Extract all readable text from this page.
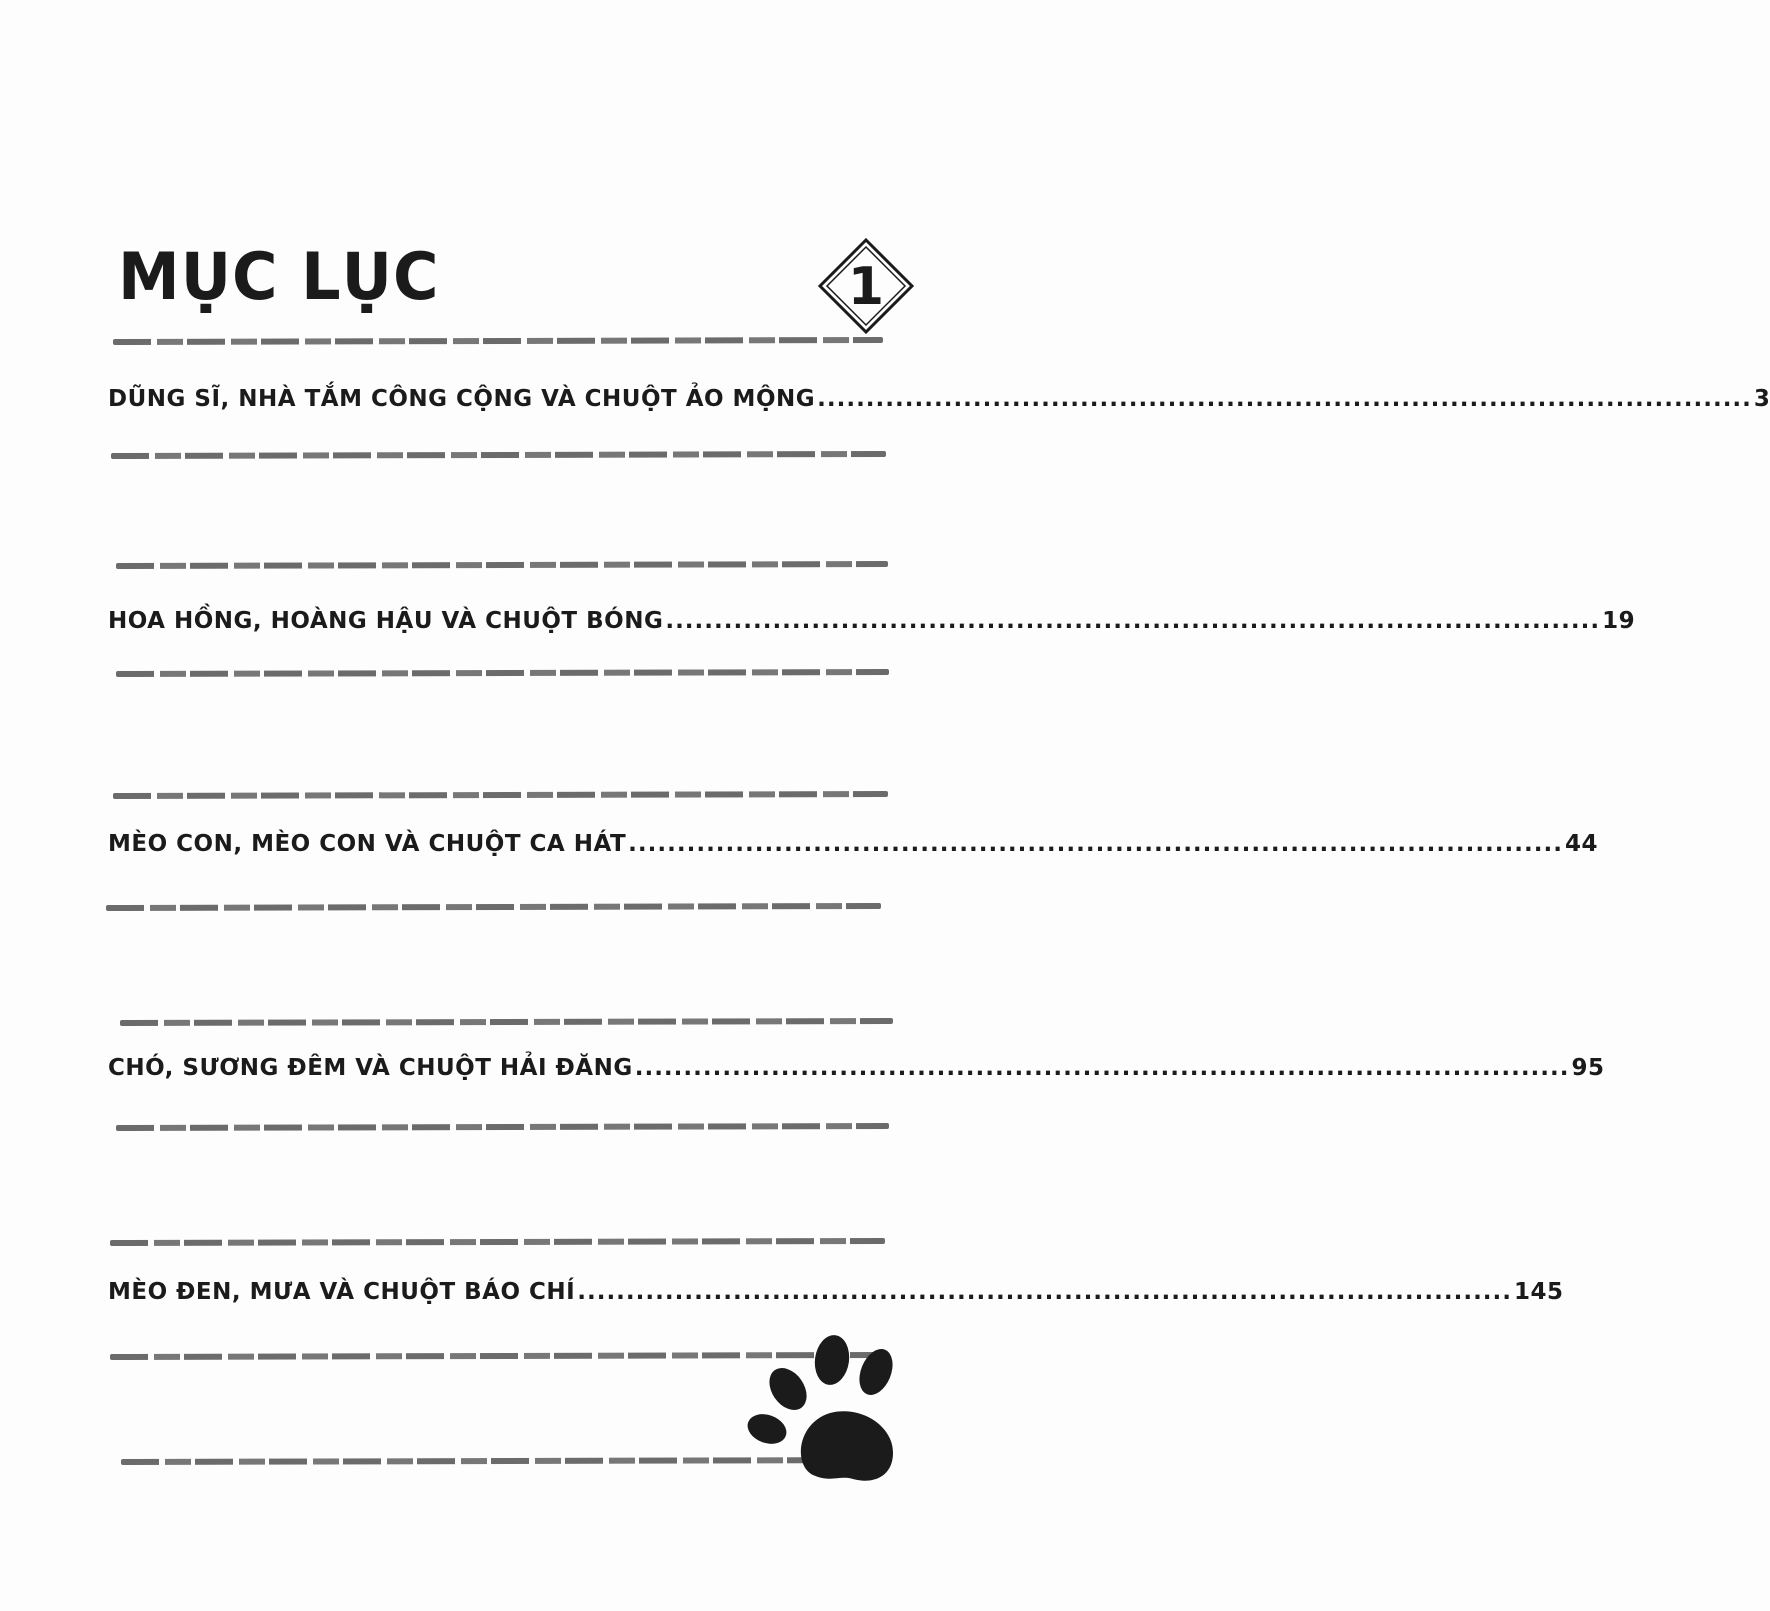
MỤC LỤC	1
DŨNG SĨ, NHÀ TẮM CÔNG CỘNG VÀ CHUỘT ẢO MỘNG ................................................................................................ 3
HOA HỒNG, HOÀNG HẬU VÀ CHUỘT BÓNG ................................................................................................ 19
MÈO CON, MÈO CON VÀ CHUỘT CA HÁT ................................................................................................ 44
CHÓ, SƯƠNG ĐÊM VÀ CHUỘT HẢI ĐĂNG ................................................................................................ 95
MÈO ĐEN, MƯA VÀ CHUỘT BÁO CHÍ ................................................................................................ 145
